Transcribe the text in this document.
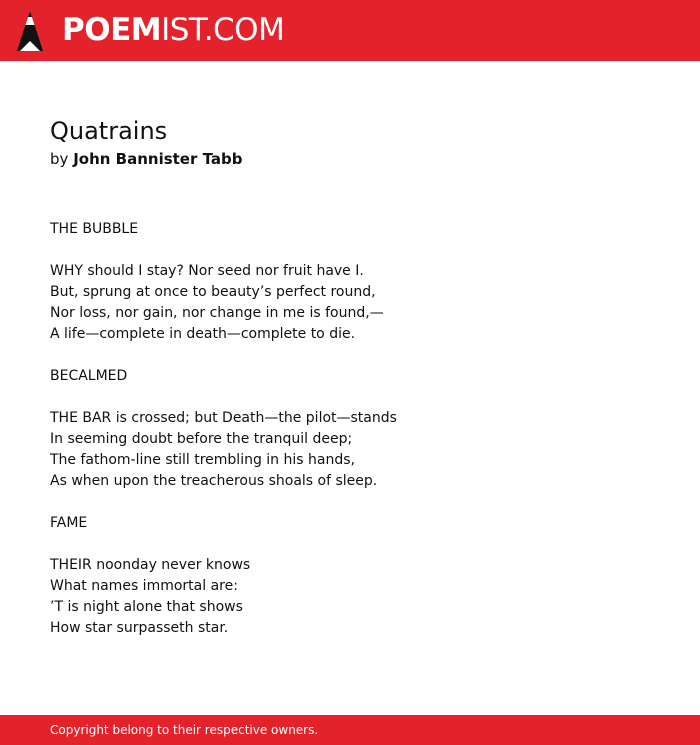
POEMIST.COM
Quatrains
by John Bannister Tabb
THE BUBBLE
WHY should I stay? Nor seed nor fruit have I.
But, sprung at once to beauty’s perfect round,
Nor loss, nor gain, nor change in me is found,—
A life—complete in death—complete to die.
BECALMED
THE BAR is crossed; but Death—the pilot—stands
In seeming doubt before the tranquil deep;
The fathom-line still trembling in his hands,
As when upon the treacherous shoals of sleep.
FAME
THEIR noonday never knows
What names immortal are:
’T is night alone that shows
How star surpasseth star.
Copyright belong to their respective owners.
